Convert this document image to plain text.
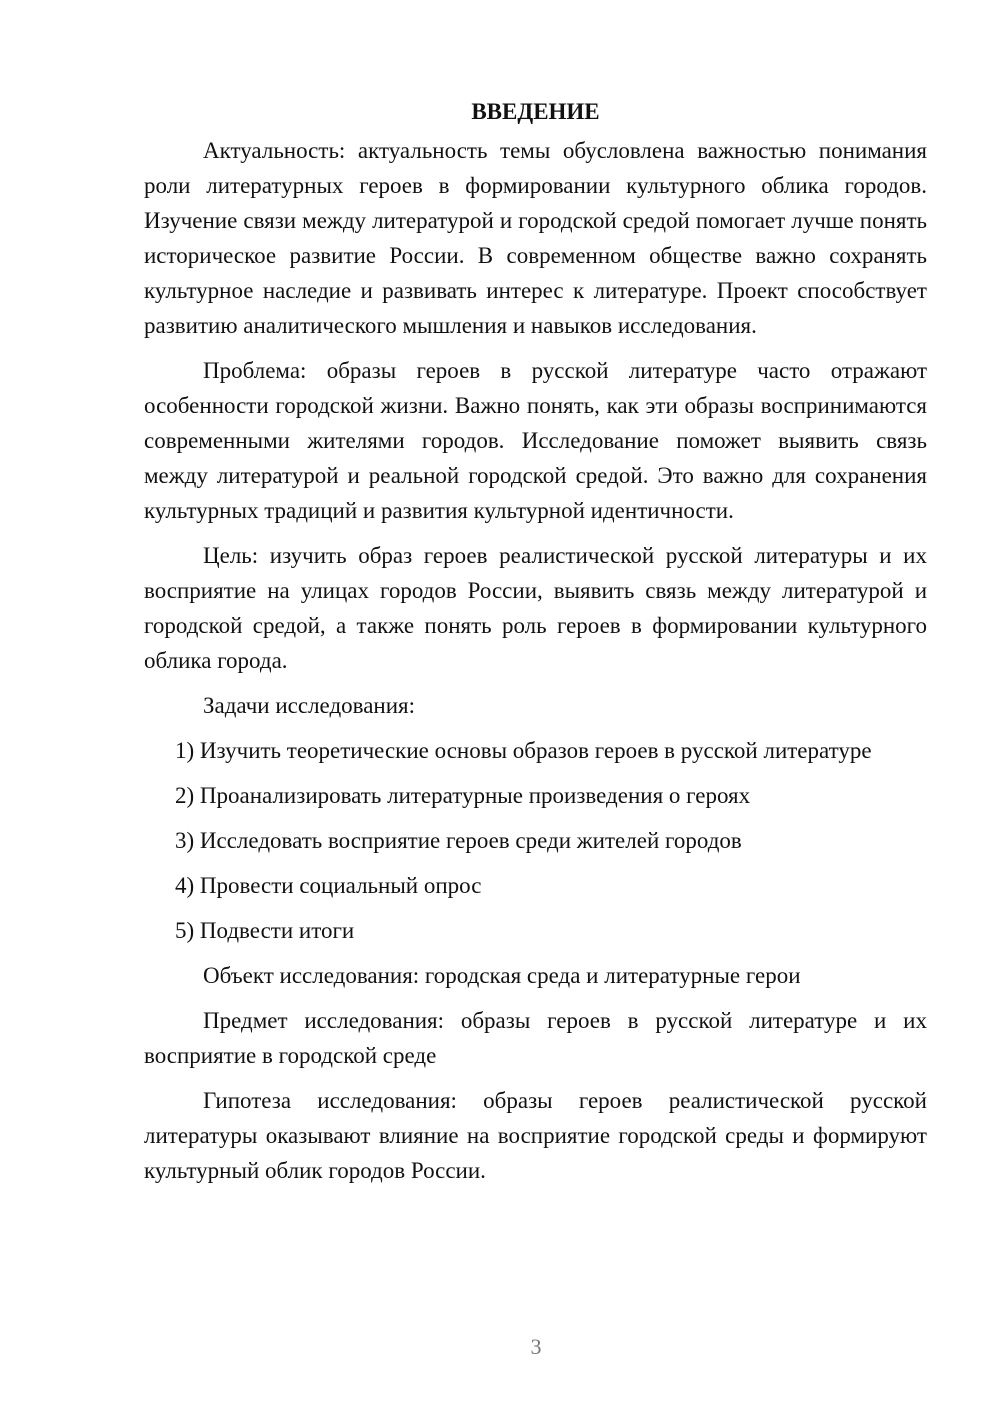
ВВЕДЕНИЕ

Актуальность: актуальность темы обусловлена важностью понимания роли литературных героев в формировании культурного облика городов. Изучение связи между литературой и городской средой помогает лучше понять историческое развитие России. В современном обществе важно сохранять культурное наследие и развивать интерес к литературе. Проект способствует развитию аналитического мышления и навыков исследования.

Проблема: образы героев в русской литературе часто отражают особенности городской жизни. Важно понять, как эти образы воспринимаются современными жителями городов. Исследование поможет выявить связь между литературой и реальной городской средой. Это важно для сохранения культурных традиций и развития культурной идентичности.

Цель: изучить образ героев реалистической русской литературы и их восприятие на улицах городов России, выявить связь между литературой и городской средой, а также понять роль героев в формировании культурного облика города.

Задачи исследования:

1) Изучить теоретические основы образов героев в русской литературе
2) Проанализировать литературные произведения о героях
3) Исследовать восприятие героев среди жителей городов
4) Провести социальный опрос
5) Подвести итоги

Объект исследования: городская среда и литературные герои

Предмет исследования: образы героев в русской литературе и их восприятие в городской среде

Гипотеза исследования: образы героев реалистической русской литературы оказывают влияние на восприятие городской среды и формируют культурный облик городов России.

3
